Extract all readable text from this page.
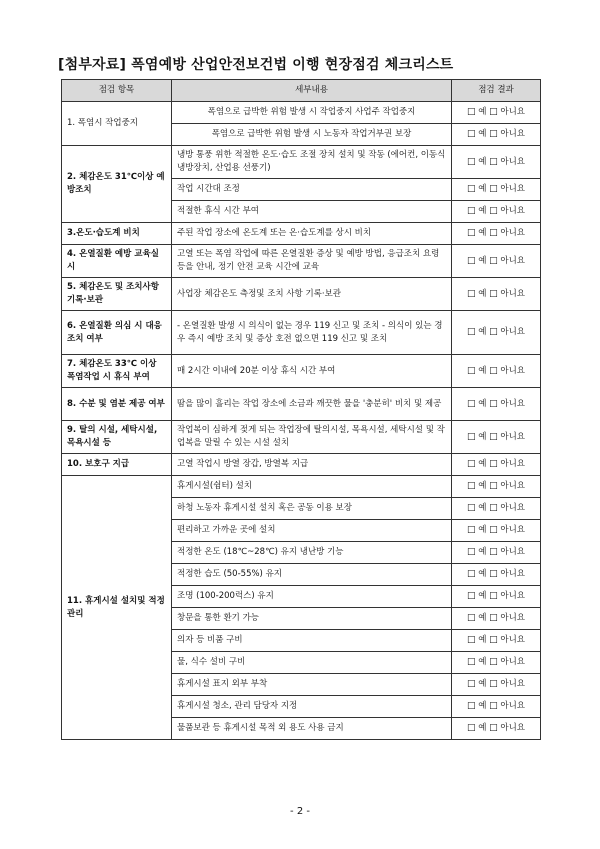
[첨부자료] 폭염예방 산업안전보건법 이행 현장점검 체크리스트
점검 항목	세부내용	점검 결과
1. 폭염시 작업중지	폭염으로 급박한 위험 발생 시 작업중지 사업주 작업중지	□ 예 □ 아니요
	폭염으로 급박한 위험 발생 시 노동자 작업거부권 보장	□ 예 □ 아니요
2. 체감온도 31℃이상 예방조치	냉방 통풍 위한 적절한 온도·습도 조절 장치 설치 및 작동 (에어컨, 이동식 냉방장치, 산업용 선풍기)	□ 예 □ 아니요
	작업 시간대 조정	□ 예 □ 아니요
	적절한 휴식 시간 부여	□ 예 □ 아니요
3.온도·습도계 비치	주된 작업 장소에 온도계 또는 온·습도계를 상시 비치	□ 예 □ 아니요
4. 온열질환 예방 교육실시	고열 또는 폭염 작업에 따른 온열질환 증상 및 예방 방법, 응급조치 요령 등을 안내, 정기 안전 교육 시간에 교육	□ 예 □ 아니요
5. 체감온도 및 조치사항 기록·보관	사업장 체감온도 측정및 조치 사항 기록·보관	□ 예 □ 아니요
6. 온열질환 의심 시 대응 조치 여부	- 온열질환 발생 시 의식이 없는 경우 119 신고 및 조치 - 의식이 있는 경우 즉시 예방 조치 및 증상 호전 없으면 119 신고 및 조치	□ 예 □ 아니요
7. 체감온도 33℃ 이상 폭염작업 시 휴식 부여	매 2시간 이내에 20분 이상 휴식 시간 부여	□ 예 □ 아니요
8. 수분 및 염분 제공 여부	땀을 많이 흘리는 작업 장소에 소금과 깨끗한 물을 '충분히' 비치 및 제공	□ 예 □ 아니요
9. 탈의 시설, 세탁시설, 목욕시설 등	작업복이 심하게 젖게 되는 작업장에 탈의시설, 목욕시설, 세탁시설 및 작업복을 말릴 수 있는 시설 설치	□ 예 □ 아니요
10. 보호구 지급	고열 작업시 방열 장갑, 방열복 지급	□ 예 □ 아니요
11. 휴게시설 설치및 적정 관리	휴게시설(쉼터) 설치	□ 예 □ 아니요
	하청 노동자 휴게시설 설치 혹은 공동 이용 보장	□ 예 □ 아니요
	편리하고 가까운 곳에 설치	□ 예 □ 아니요
	적정한 온도 (18℃~28℃) 유지 냉난방 기능	□ 예 □ 아니요
	적정한 습도 (50-55%) 유지	□ 예 □ 아니요
	조명 (100-200럭스) 유지	□ 예 □ 아니요
	창문을 통한 환기 가능	□ 예 □ 아니요
	의자 등 비품 구비	□ 예 □ 아니요
	물, 식수 설비 구비	□ 예 □ 아니요
	휴게시설 표지 외부 부착	□ 예 □ 아니요
	휴게시설 청소, 관리 담당자 지정	□ 예 □ 아니요
	물품보관 등 휴게시설 목적 외 용도 사용 금지	□ 예 □ 아니요
- 2 -
